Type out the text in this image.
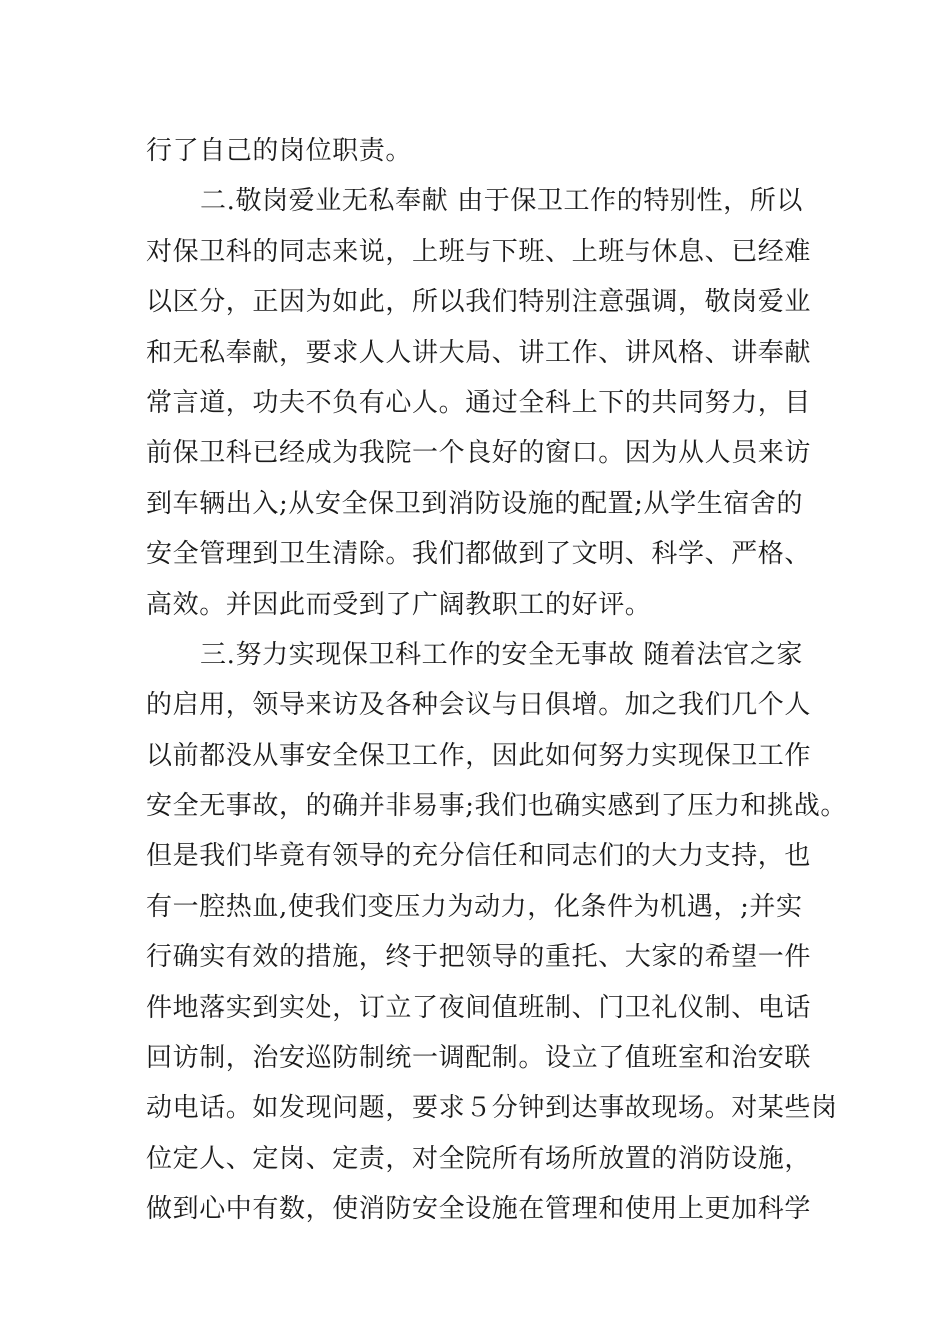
行了自己的岗位职责。
二.敬岗爱业无私奉献 由于保卫工作的特别性，所以
对保卫科的同志来说，上班与下班、上班与休息、已经难
以区分，正因为如此，所以我们特别注意强调，敬岗爱业
和无私奉献，要求人人讲大局、讲工作、讲风格、讲奉献
常言道，功夫不负有心人。通过全科上下的共同努力，目
前保卫科已经成为我院一个良好的窗口。因为从人员来访
到车辆出入;从安全保卫到消防设施的配置;从学生宿舍的
安全管理到卫生清除。我们都做到了文明、科学、严格、
高效。并因此而受到了广阔教职工的好评。
三.努力实现保卫科工作的安全无事故 随着法官之家
的启用，领导来访及各种会议与日俱增。加之我们几个人
以前都没从事安全保卫工作，因此如何努力实现保卫工作
安全无事故，的确并非易事;我们也确实感到了压力和挑战。
但是我们毕竟有领导的充分信任和同志们的大力支持，也
有一腔热血,使我们变压力为动力，化条件为机遇，;并实
行确实有效的措施，终于把领导的重托、大家的希望一件
件地落实到实处，订立了夜间值班制、门卫礼仪制、电话
回访制，治安巡防制统一调配制。设立了值班室和治安联
动电话。如发现问题，要求５分钟到达事故现场。对某些岗
位定人、定岗、定责，对全院所有场所放置的消防设施，
做到心中有数，使消防安全设施在管理和使用上更加科学
